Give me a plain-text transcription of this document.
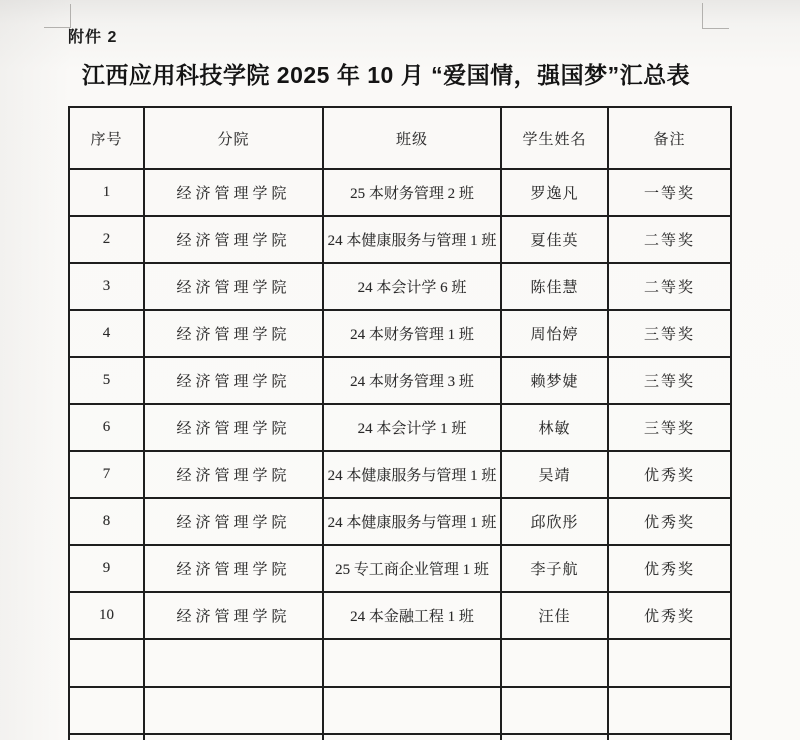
附件 2
江西应用科技学院 2025 年 10 月 “爱国情，强国梦”汇总表
序号	分院	班级	学生姓名	备注
1	经济管理学院	25 本财务管理 2 班	罗逸凡	一等奖
2	经济管理学院	24 本健康服务与管理 1 班	夏佳英	二等奖
3	经济管理学院	24 本会计学 6 班	陈佳慧	二等奖
4	经济管理学院	24 本财务管理 1 班	周怡婷	三等奖
5	经济管理学院	24 本财务管理 3 班	赖梦婕	三等奖
6	经济管理学院	24 本会计学 1 班	林敏	三等奖
7	经济管理学院	24 本健康服务与管理 1 班	吴靖	优秀奖
8	经济管理学院	24 本健康服务与管理 1 班	邱欣彤	优秀奖
9	经济管理学院	25 专工商企业管理 1 班	李子航	优秀奖
10	经济管理学院	24 本金融工程 1 班	汪佳	优秀奖
